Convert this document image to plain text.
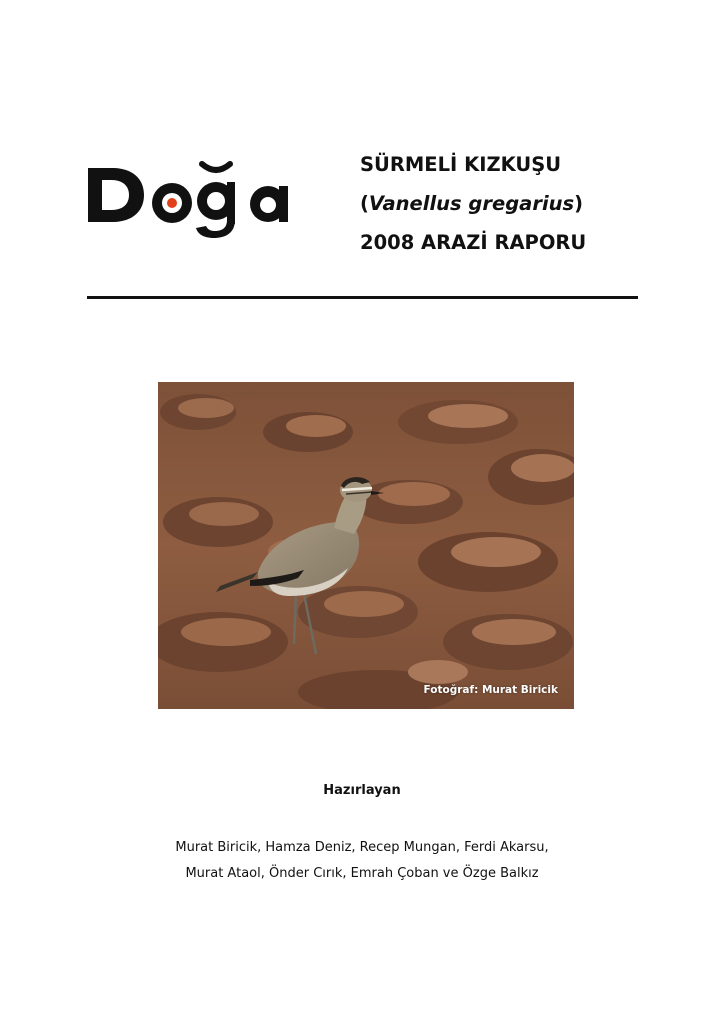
SÜRMELİ KIZKUŞU
(Vanellus gregarius)
2008 ARAZİ RAPORU
Fotoğraf: Murat Biricik
Hazırlayan
Murat Biricik, Hamza Deniz, Recep Mungan, Ferdi Akarsu,
Murat Ataol, Önder Cırık, Emrah Çoban ve Özge Balkız
